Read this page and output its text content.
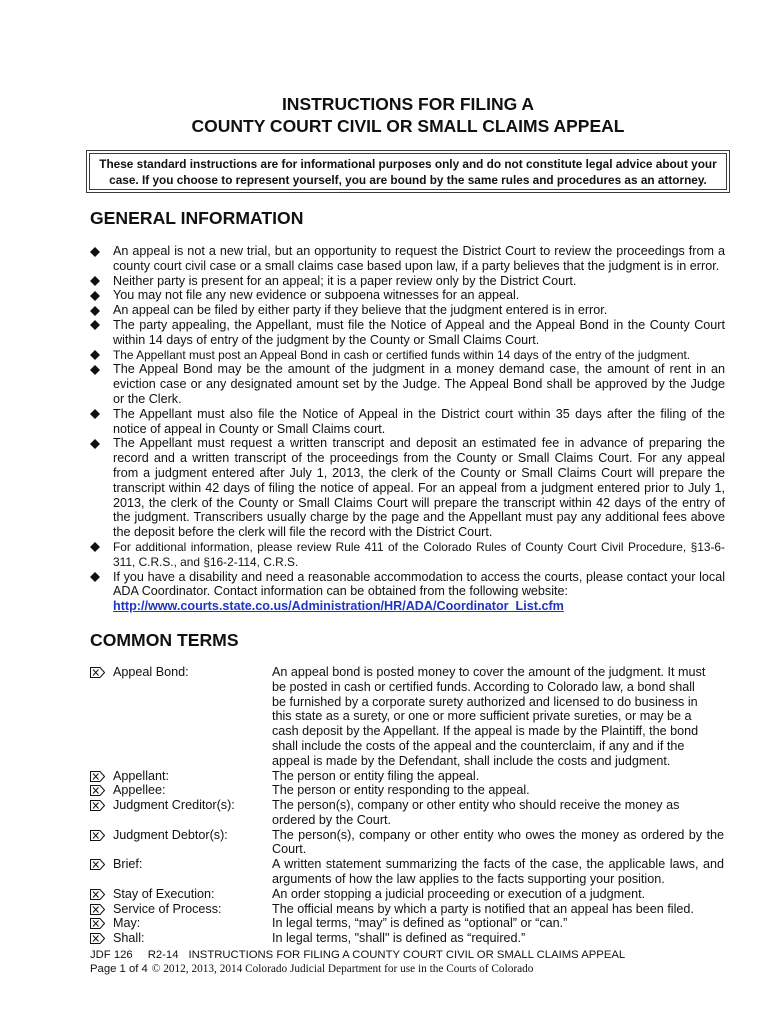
INSTRUCTIONS FOR FILING A
COUNTY COURT CIVIL OR SMALL CLAIMS APPEAL
These standard instructions are for informational purposes only and do not constitute legal advice about your case. If you choose to represent yourself, you are bound by the same rules and procedures as an attorney.
GENERAL INFORMATION
An appeal is not a new trial, but an opportunity to request the District Court to review the proceedings from a county court civil case or a small claims case based upon law, if a party believes that the judgment is in error.
Neither party is present for an appeal; it is a paper review only by the District Court.
You may not file any new evidence or subpoena witnesses for an appeal.
An appeal can be filed by either party if they believe that the judgment entered is in error.
The party appealing, the Appellant, must file the Notice of Appeal and the Appeal Bond in the County Court within 14 days of entry of the judgment by the County or Small Claims Court.
The Appellant must post an Appeal Bond in cash or certified funds within 14 days of the entry of the judgment.
The Appeal Bond may be the amount of the judgment in a money demand case, the amount of rent in an eviction case or any designated amount set by the Judge. The Appeal Bond shall be approved by the Judge or the Clerk.
The Appellant must also file the Notice of Appeal in the District court within 35 days after the filing of the notice of appeal in County or Small Claims court.
The Appellant must request a written transcript and deposit an estimated fee in advance of preparing the record and a written transcript of the proceedings from the County or Small Claims Court. For any appeal from a judgment entered after July 1, 2013, the clerk of the County or Small Claims Court will prepare the transcript within 42 days of filing the notice of appeal. For an appeal from a judgment entered prior to July 1, 2013, the clerk of the County or Small Claims Court will prepare the transcript within 42 days of the entry of the judgment. Transcribers usually charge by the page and the Appellant must pay any additional fees above the deposit before the clerk will file the record with the District Court.
For additional information, please review Rule 411 of the Colorado Rules of County Court Civil Procedure, §13-6-311, C.R.S., and §16-2-114, C.R.S.
If you have a disability and need a reasonable accommodation to access the courts, please contact your local ADA Coordinator. Contact information can be obtained from the following website:
http://www.courts.state.co.us/Administration/HR/ADA/Coordinator_List.cfm
COMMON TERMS
Appeal Bond:	An appeal bond is posted money to cover the amount of the judgment. It must be posted in cash or certified funds. According to Colorado law, a bond shall be furnished by a corporate surety authorized and licensed to do business in this state as a surety, or one or more sufficient private sureties, or may be a cash deposit by the Appellant. If the appeal is made by the Plaintiff, the bond shall include the costs of the appeal and the counterclaim, if any and if the appeal is made by the Defendant, shall include the costs and judgment.
Appellant:	The person or entity filing the appeal.
Appellee:	The person or entity responding to the appeal.
Judgment Creditor(s):	The person(s), company or other entity who should receive the money as ordered by the Court.
Judgment Debtor(s):	The person(s), company or other entity who owes the money as ordered by the Court.
Brief:	A written statement summarizing the facts of the case, the applicable laws, and arguments of how the law applies to the facts supporting your position.
Stay of Execution:	An order stopping a judicial proceeding or execution of a judgment.
Service of Process:	The official means by which a party is notified that an appeal has been filed.
May:	In legal terms, “may” is defined as “optional” or “can.”
Shall:	In legal terms, "shall" is defined as “required.”
JDF 126 R2-14 INSTRUCTIONS FOR FILING A COUNTY COURT CIVIL OR SMALL CLAIMS APPEAL
Page 1 of 4 © 2012, 2013, 2014 Colorado Judicial Department for use in the Courts of Colorado
